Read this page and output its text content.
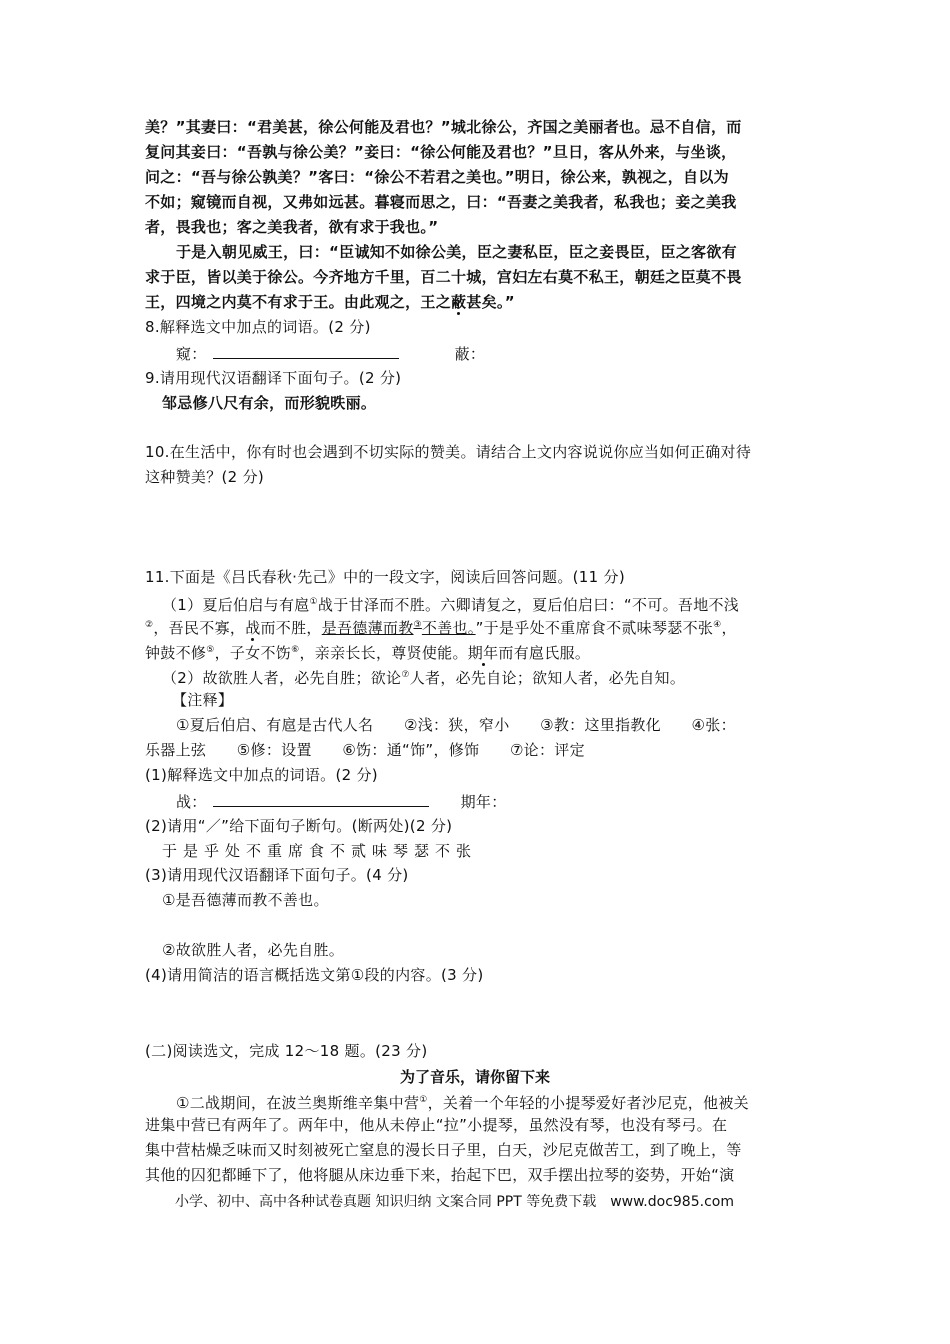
美？”其妻曰：“君美甚，徐公何能及君也？”城北徐公，齐国之美丽者也。忌不自信，而
复问其妾曰：“吾孰与徐公美？”妾曰：“徐公何能及君也？”旦日，客从外来，与坐谈，
问之：“吾与徐公孰美？”客曰：“徐公不若君之美也。”明日，徐公来，孰视之，自以为
不如；窥镜而自视，又弗如远甚。暮寝而思之，曰：“吾妻之美我者，私我也；妾之美我
者，畏我也；客之美我者，欲有求于我也。”
于是入朝见威王，曰：“臣诚知不如徐公美，臣之妻私臣，臣之妾畏臣，臣之客欲有
求于臣，皆以美于徐公。今齐地方千里，百二十城，宫妇左右莫不私王，朝廷之臣莫不畏
王，四境之内莫不有求于王。由此观之，王之蔽甚矣。”
8.解释选文中加点的词语。(2 分)
窥：	蔽：
9.请用现代汉语翻译下面句子。(2 分)
邹忌修八尺有余，而形貌昳丽。
10.在生活中，你有时也会遇到不切实际的赞美。请结合上文内容说说你应当如何正确对待
这种赞美？(2 分)
11.下面是《吕氏春秋·先己》中的一段文字，阅读后回答问题。(11 分)
（1）夏后伯启与有扈①战于甘泽而不胜。六卿请复之，夏后伯启曰：“不可。吾地不浅
②，吾民不寡，战而不胜，是吾德薄而教③不善也。”于是乎处不重席食不贰味琴瑟不张④，
钟鼓不修⑤，子女不饬⑥，亲亲长长，尊贤使能。期年而有扈氏服。
（2）故欲胜人者，必先自胜；欲论⑦人者，必先自论；欲知人者，必先自知。
【注释】
①夏后伯启、有扈是古代人名　　②浅：狭，窄小　　③教：这里指教化　　④张：
乐器上弦　　⑤修：设置　　⑥饬：通“饰”，修饰　　⑦论：评定
(1)解释选文中加点的词语。(2 分)
战：	期年：
(2)请用“／”给下面句子断句。(断两处)(2 分)
于是乎处不重席食不贰味琴瑟不张
(3)请用现代汉语翻译下面句子。(4 分)
①是吾德薄而教不善也。
②故欲胜人者，必先自胜。
(4)请用简洁的语言概括选文第①段的内容。(3 分)
(二)阅读选文，完成 12～18 题。(23 分)
为了音乐，请你留下来
①二战期间，在波兰奥斯维辛集中营①，关着一个年轻的小提琴爱好者沙尼克，他被关
进集中营已有两年了。两年中，他从未停止“拉”小提琴，虽然没有琴，也没有琴弓。在
集中营枯燥乏味而又时刻被死亡窒息的漫长日子里，白天，沙尼克做苦工，到了晚上，等
其他的囚犯都睡下了，他将腿从床边垂下来，抬起下巴，双手摆出拉琴的姿势，开始“演
小学、初中、高中各种试卷真题 知识归纳 文案合同 PPT 等免费下载　www.doc985.com
